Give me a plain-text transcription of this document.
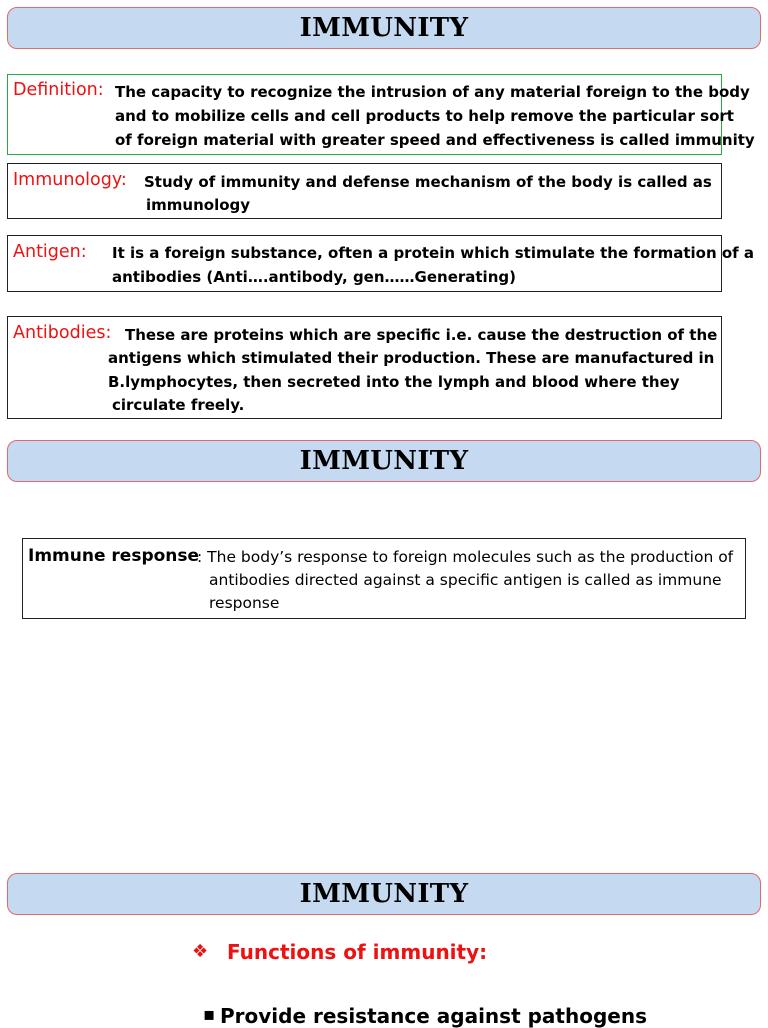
IMMUNITY
Definition: The capacity to recognize the intrusion of any material foreign to the body
and to mobilize cells and cell products to help remove the particular sort
of foreign material with greater speed and effectiveness is called immunity
Immunology: Study of immunity and defense mechanism of the body is called as
immunology
Antigen: It is a foreign substance, often a protein which stimulate the formation of a
antibodies (Anti….antibody, gen……Generating)
Antibodies: These are proteins which are specific i.e. cause the destruction of the
antigens which stimulated their production. These are manufactured in
B.lymphocytes, then secreted into the lymph and blood where they
circulate freely.
IMMUNITY
Immune response
: The body’s response to foreign molecules such as the production of
antibodies directed against a specific antigen is called as immune
response
IMMUNITY
❖ Functions of immunity:
▪ Provide resistance against pathogens
